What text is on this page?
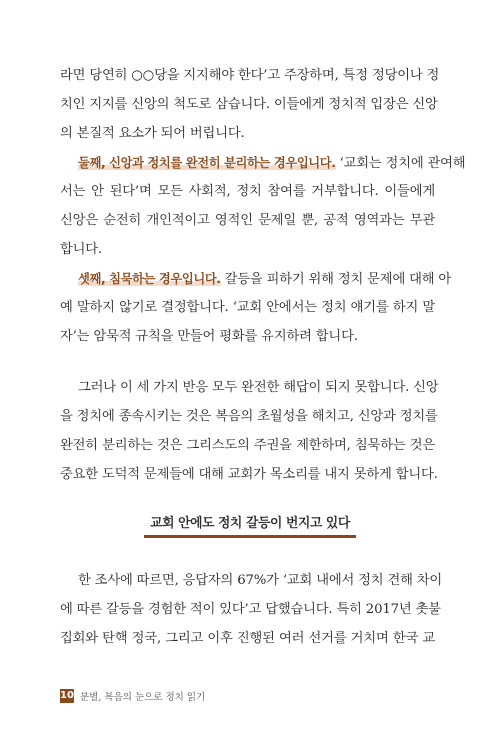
라면 당연히 ○○당을 지지해야 한다’고 주장하며, 특정 정당이나 정
치인 지지를 신앙의 척도로 삼습니다. 이들에게 정치적 입장은 신앙
의 본질적 요소가 되어 버립니다.
둘째, 신앙과 정치를 완전히 분리하는 경우입니다. ‘교회는 정치에 관여해
서는 안 된다’며 모든 사회적, 정치 참여를 거부합니다. 이들에게
신앙은 순전히 개인적이고 영적인 문제일 뿐, 공적 영역과는 무관
합니다.
셋째, 침묵하는 경우입니다. 갈등을 피하기 위해 정치 문제에 대해 아
예 말하지 않기로 결정합니다. ‘교회 안에서는 정치 얘기를 하지 말
자’는 암묵적 규칙을 만들어 평화를 유지하려 합니다.
그러나 이 세 가지 반응 모두 완전한 해답이 되지 못합니다. 신앙
을 정치에 종속시키는 것은 복음의 초월성을 해치고, 신앙과 정치를
완전히 분리하는 것은 그리스도의 주권을 제한하며, 침묵하는 것은
중요한 도덕적 문제들에 대해 교회가 목소리를 내지 못하게 합니다.
교회 안에도 정치 갈등이 번지고 있다
한 조사에 따르면, 응답자의 67%가 ‘교회 내에서 정치 견해 차이
에 따른 갈등을 경험한 적이 있다’고 답했습니다. 특히 2017년 촛불
집회와 탄핵 정국, 그리고 이후 진행된 여러 선거를 거치며 한국 교
10 분별, 복음의 눈으로 정치 읽기
